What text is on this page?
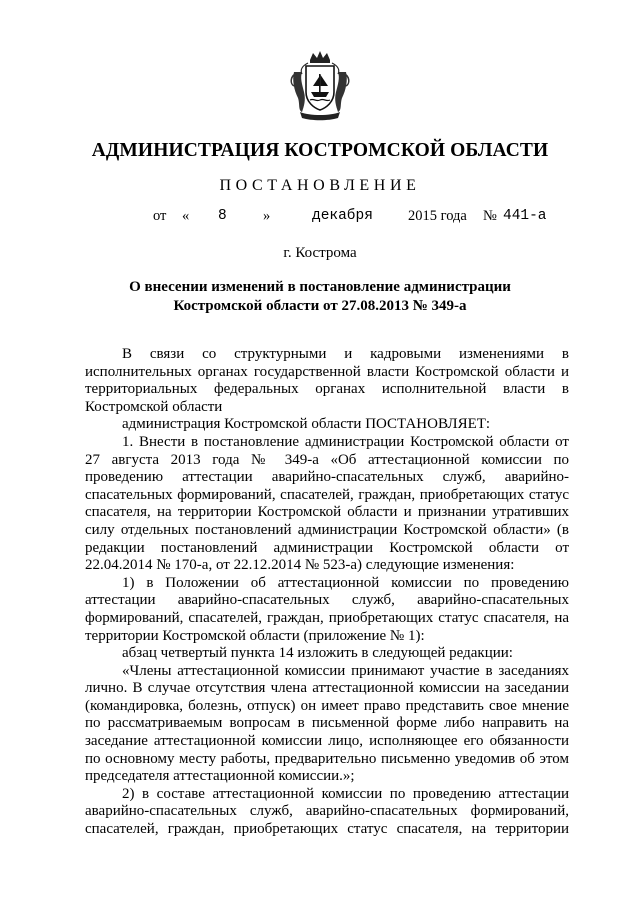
АДМИНИСТРАЦИЯ КОСТРОМСКОЙ ОБЛАСТИ
ПОСТАНОВЛЕНИЕ
от « 8	»	декабря 2015 года № 441-а
г. Кострома
О внесении изменений в постановление администрации
Костромской области от 27.08.2013 № 349-а

В связи со структурными и кадровыми изменениями в

исполнительных органах государственной власти Костромской области и

территориальных федеральных органах исполнительной власти в

Костромской области

администрация Костромской области ПОСТАНОВЛЯЕТ:

1. Внести в постановление администрации Костромской области от

27 августа 2013 года № 349-а «Об аттестационной комиссии по

проведению аттестации аварийно-спасательных служб, аварийно-

спасательных формирований, спасателей, граждан, приобретающих статус

спасателя, на территории Костромской области и признании утративших

силу отдельных постановлений администрации Костромской области» (в

редакции постановлений администрации Костромской области от

22.04.2014 № 170-а, от 22.12.2014 № 523-а) следующие изменения:

1) в Положении об аттестационной комиссии по проведению

аттестации аварийно-спасательных служб, аварийно-спасательных

формирований, спасателей, граждан, приобретающих статус спасателя, на

территории Костромской области (приложение № 1):

абзац четвертый пункта 14 изложить в следующей редакции:

«Члены аттестационной комиссии принимают участие в заседаниях

лично. В случае отсутствия члена аттестационной комиссии на заседании

(командировка, болезнь, отпуск) он имеет право представить свое мнение

по рассматриваемым вопросам в письменной форме либо направить на

заседание аттестационной комиссии лицо, исполняющее его обязанности

по основному месту работы, предварительно письменно уведомив об этом

председателя аттестационной комиссии.»;

2) в составе аттестационной комиссии по проведению аттестации

аварийно-спасательных служб, аварийно-спасательных формирований,

спасателей, граждан, приобретающих статус спасателя, на территории
